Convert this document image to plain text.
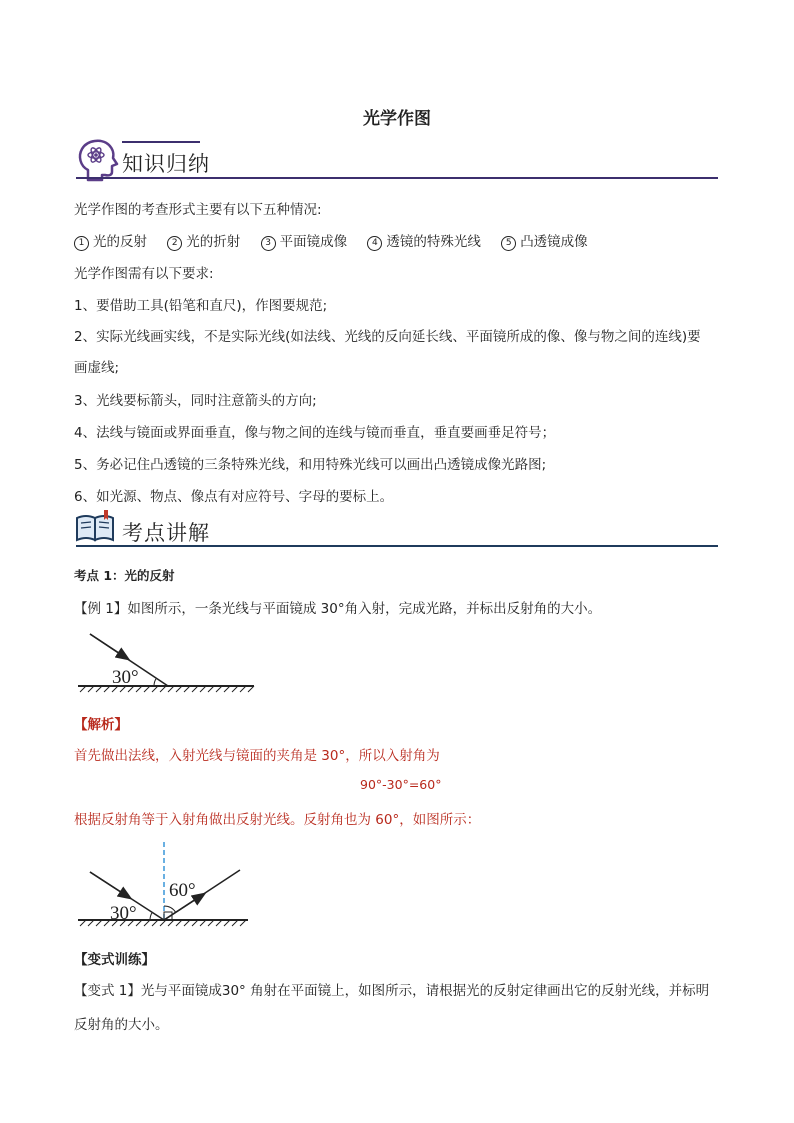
光学作图
知识归纳
光学作图的考查形式主要有以下五种情况:
1 光的反射	2 光的折射	3 平面镜成像	4 透镜的特殊光线	5 凸透镜成像
光学作图需有以下要求:
1、要借助工具(铅笔和直尺)，作图要规范;
2、实际光线画实线，不是实际光线(如法线、光线的反向延长线、平面镜所成的像、像与物之间的连线)要
画虚线;
3、光线要标箭头，同时注意箭头的方向;
4、法线与镜面或界面垂直，像与物之间的连线与镜而垂直，垂直要画垂足符号；
5、务必记住凸透镜的三条特殊光线，和用特殊光线可以画出凸透镜成像光路图;
6、如光源、物点、像点有对应符号、字母的要标上。
考点讲解
考点 1：光的反射
【例 1】如图所示，一条光线与平面镜成 30°角入射，完成光路，并标出反射角的大小。
30°
【解析】
首先做出法线，入射光线与镜面的夹角是 30°，所以入射角为
90°-30°=60°
根据反射角等于入射角做出反射光线。反射角也为 60°，如图所示：
30°
60°
【变式训练】
【变式 1】光与平面镜成30° 角射在平面镜上，如图所示，请根据光的反射定律画出它的反射光线，并标明
反射角的大小。
